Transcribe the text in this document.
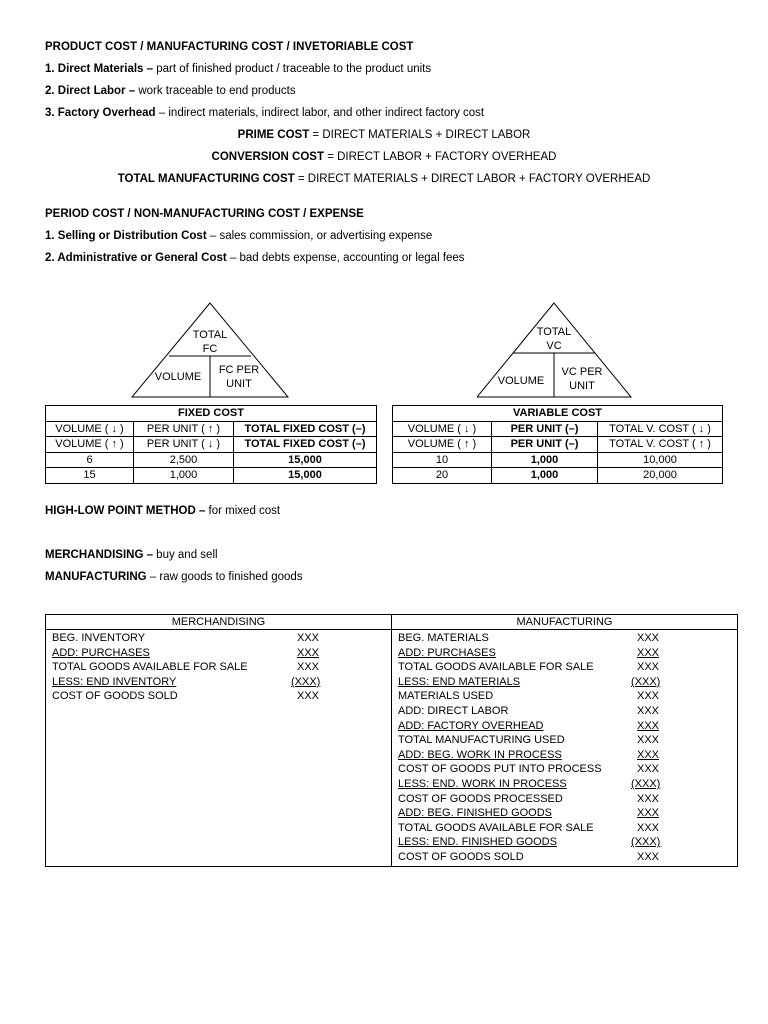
PRODUCT COST / MANUFACTURING COST / INVETORIABLE COST
1. Direct Materials – part of finished product / traceable to the product units
2. Direct Labor – work traceable to end products
3. Factory Overhead – indirect materials, indirect labor, and other indirect factory cost
PRIME COST = DIRECT MATERIALS + DIRECT LABOR
CONVERSION COST = DIRECT LABOR + FACTORY OVERHEAD
TOTAL MANUFACTURING COST = DIRECT MATERIALS + DIRECT LABOR + FACTORY OVERHEAD
PERIOD COST / NON-MANUFACTURING COST / EXPENSE
1. Selling or Distribution Cost – sales commission, or advertising expense
2. Administrative or General Cost – bad debts expense, accounting or legal fees
TOTAL
FC
VOLUME
FC PER
UNIT
TOTAL
VC
VOLUME
VC PER
UNIT
FIXED COST		
VOLUME ( ↓ )	PER UNIT ( ↑ )	TOTAL FIXED COST (–)
VOLUME ( ↑ )	PER UNIT ( ↓ )	TOTAL FIXED COST (–)
6	2,500	15,000
15	1,000	15,000
VARIABLE COST		
VOLUME ( ↓ )	PER UNIT (–)	TOTAL V. COST ( ↓ )
VOLUME ( ↑ )	PER UNIT (–)	TOTAL V. COST ( ↑ )
10	1,000	10,000
20	1,000	20,000
HIGH-LOW POINT METHOD – for mixed cost
MERCHANDISING – buy and sell
MANUFACTURING – raw goods to finished goods
MERCHANDISING
BEG. INVENTORY	XXX
ADD: PURCHASES	XXX
TOTAL GOODS AVAILABLE FOR SALE	XXX
LESS: END INVENTORY	(XXX)
COST OF GOODS SOLD	XXX
MANUFACTURING
BEG. MATERIALS	XXX
ADD: PURCHASES	XXX
TOTAL GOODS AVAILABLE FOR SALE	XXX
LESS: END MATERIALS	(XXX)
MATERIALS USED	XXX
ADD: DIRECT LABOR	XXX
ADD: FACTORY OVERHEAD	XXX
TOTAL MANUFACTURING USED	XXX
ADD: BEG. WORK IN PROCESS	XXX
COST OF GOODS PUT INTO PROCESS	XXX
LESS: END. WORK IN PROCESS	(XXX)
COST OF GOODS PROCESSED	XXX
ADD: BEG. FINISHED GOODS	XXX
TOTAL GOODS AVAILABLE FOR SALE	XXX
LESS: END. FINISHED GOODS	(XXX)
COST OF GOODS SOLD	XXX
